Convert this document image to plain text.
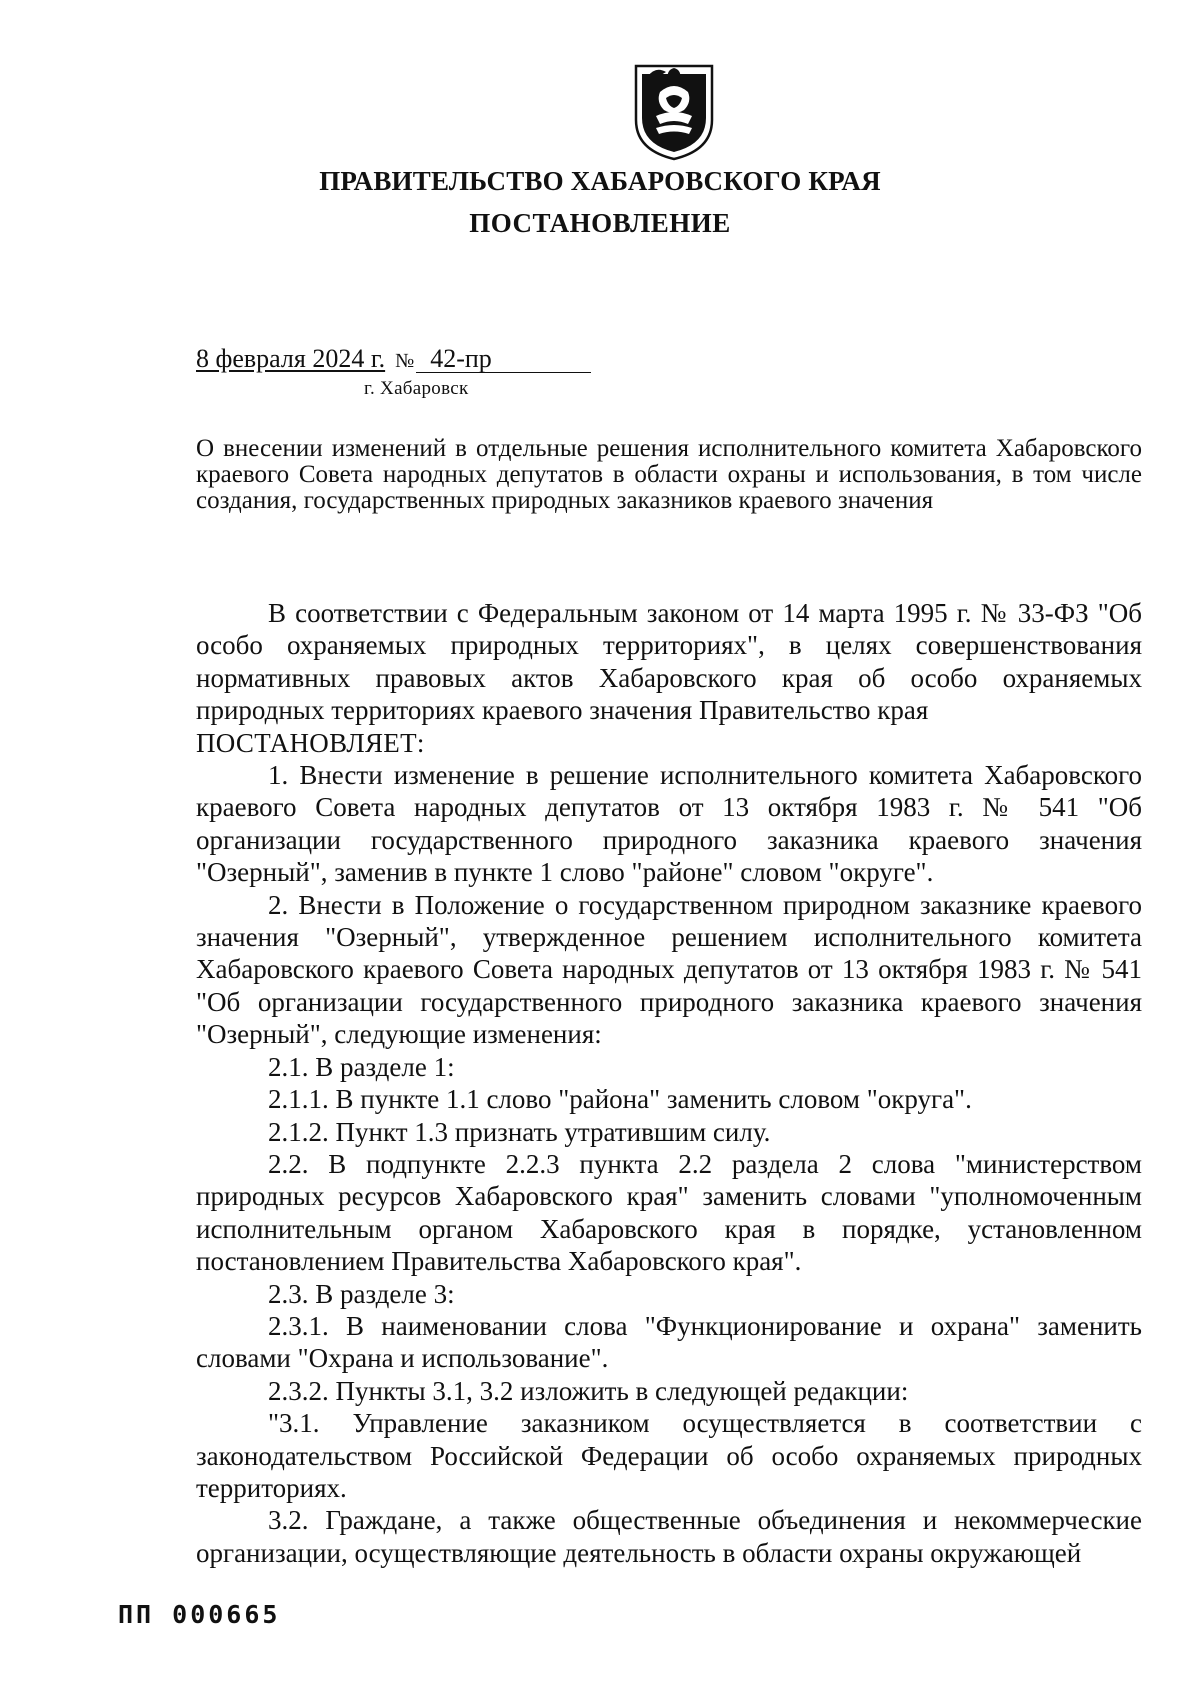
ПРАВИТЕЛЬСТВО ХАБАРОВСКОГО КРАЯ
ПОСТАНОВЛЕНИЕ
8 февраля 2024 г. № 42-пр
г. Хабаровск
О внесении изменений в отдельные решения исполнительного комитета Хабаровского краевого Совета народных депутатов в области охраны и использования, в том числе создания, государственных природных заказников краевого значения

В соответствии с Федеральным законом от 14 марта 1995 г. № 33-ФЗ "Об особо охраняемых природных территориях", в целях совершенствования нормативных правовых актов Хабаровского края об особо охраняемых природных территориях краевого значения Правительство края

ПОСТАНОВЛЯЕТ:

1. Внести изменение в решение исполнительного комитета Хабаровского краевого Совета народных депутатов от 13 октября 1983 г. № 541 "Об организации государственного природного заказника краевого значения "Озерный", заменив в пункте 1 слово "районе" словом "округе".

2. Внести в Положение о государственном природном заказнике краевого значения "Озерный", утвержденное решением исполнительного комитета Хабаровского краевого Совета народных депутатов от 13 октября 1983 г. № 541 "Об организации государственного природного заказника краевого значения "Озерный", следующие изменения:

2.1. В разделе 1:

2.1.1. В пункте 1.1 слово "района" заменить словом "округа".

2.1.2. Пункт 1.3 признать утратившим силу.

2.2. В подпункте 2.2.3 пункта 2.2 раздела 2 слова "министерством природных ресурсов Хабаровского края" заменить словами "уполномоченным исполнительным органом Хабаровского края в порядке, установленном постановлением Правительства Хабаровского края".

2.3. В разделе 3:

2.3.1. В наименовании слова "Функционирование и охрана" заменить словами "Охрана и использование".

2.3.2. Пункты 3.1, 3.2 изложить в следующей редакции:

"3.1. Управление заказником осуществляется в соответствии с законодательством Российской Федерации об особо охраняемых природных территориях.

3.2. Граждане, а также общественные объединения и некоммерческие организации, осуществляющие деятельность в области охраны окружающей

ПП 000665
